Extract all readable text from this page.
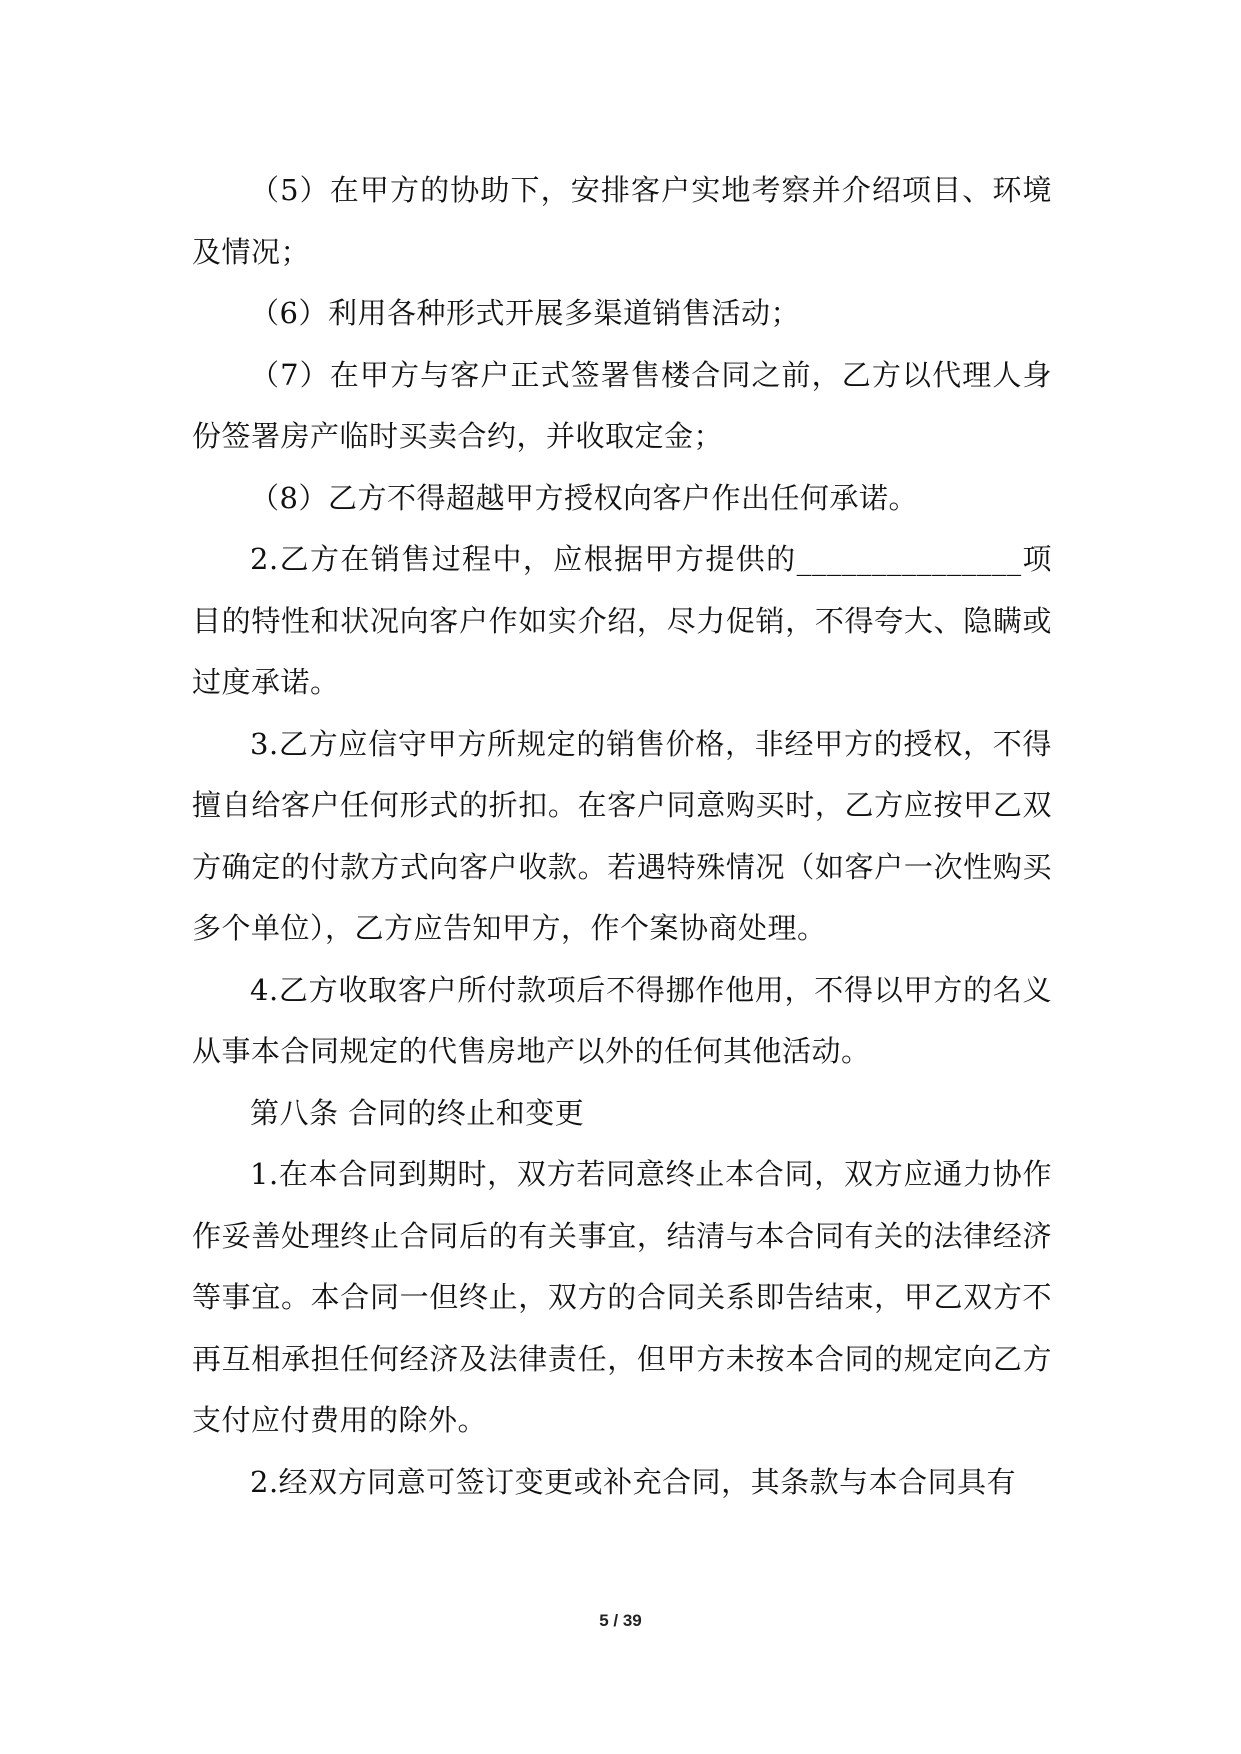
（5）在甲方的协助下，安排客户实地考察并介绍项目、环境及情况；

（6）利用各种形式开展多渠道销售活动；

（7）在甲方与客户正式签署售楼合同之前，乙方以代理人身份签署房产临时买卖合约，并收取定金；

（8）乙方不得超越甲方授权向客户作出任何承诺。

2.乙方在销售过程中，应根据甲方提供的_______________项目的特性和状况向客户作如实介绍，尽力促销，不得夸大、隐瞒或过度承诺。

3.乙方应信守甲方所规定的销售价格，非经甲方的授权，不得擅自给客户任何形式的折扣。在客户同意购买时，乙方应按甲乙双方确定的付款方式向客户收款。若遇特殊情况（如客户一次性购买多个单位），乙方应告知甲方，作个案协商处理。

4.乙方收取客户所付款项后不得挪作他用，不得以甲方的名义从事本合同规定的代售房地产以外的任何其他活动。

第八条 合同的终止和变更

1.在本合同到期时，双方若同意终止本合同，双方应通力协作作妥善处理终止合同后的有关事宜，结清与本合同有关的法律经济等事宜。本合同一但终止，双方的合同关系即告结束，甲乙双方不再互相承担任何经济及法律责任，但甲方未按本合同的规定向乙方支付应付费用的除外。

2.经双方同意可签订变更或补充合同，其条款与本合同具有

5 / 39
